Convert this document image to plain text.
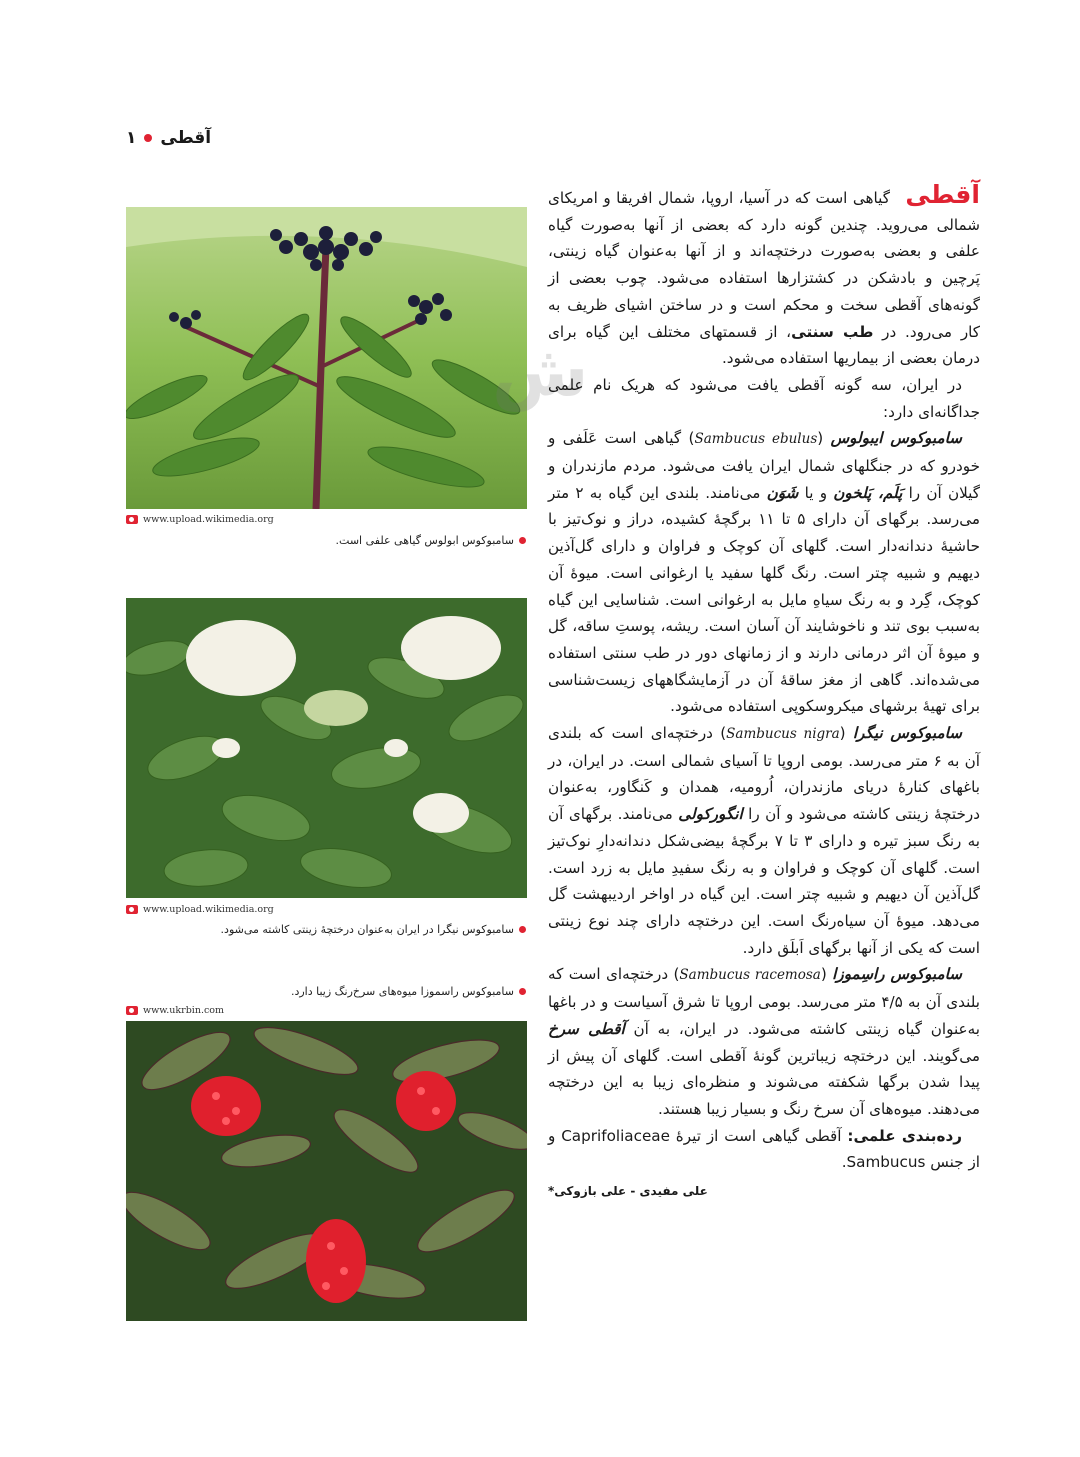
آقطی
۱
www.upload.wikimedia.org
سامبوکوس ابولوس گیاهی علفی است.
www.upload.wikimedia.org
سامبوکوس نیگرا در ایران به‌عنوان درختچهٔ زینتی کاشته می‌شود.
سامبوکوس راسموزا میوه‌های سرخ‌رنگ زیبا دارد.
www.ukrbin.com
ش

آقطی گیاهی است که در آسیا، اروپا، شمال افریقا و امریکای شمالی می‌روید. چندین گونه دارد که بعضی از آنها به‌صورت گیاه علفی و بعضی به‌صورت درختچه‌اند و از آنها به‌عنوان گیاه زینتی، پَرچین و بادشکن در کشتزارها استفاده می‌شود. چوب بعضی از گونه‌های آقطی سخت و محکم است و در ساختن اشیای ظریف به کار می‌رود. در طب سنتی، از قسمتهای مختلف این گیاه برای درمان بعضی از بیماریها استفاده می‌شود.

در ایران، سه گونه آقطی یافت می‌شود که هریک نام علمی جداگانه‌ای دارد:

سامبوکوس ایبولوس (Sambucus ebulus) گیاهی است عَلَفی و خودرو که در جنگلهای شمال ایران یافت می‌شود. مردم مازندران و گیلان آن را پَلَم، پَلخون و یا شَوَن می‌نامند. بلندی این گیاه به ۲ متر می‌رسد. برگهای آن دارای ۵ تا ۱۱ برگچهٔ کشیده، دراز و نوک‌تیز با حاشیهٔ دندانه‌دار است. گلهای آن کوچک و فراوان و دارای گل‌آذین دیهیم و شبیه چتر است. رنگ گلها سفید یا ارغوانی است. میوهٔ آن کوچک، گِرد و به رنگ سیاهِ مایل به ارغوانی است. شناسایی این گیاه به‌سبب بوی تند و ناخوشایند آن آسان است. ریشه، پوستِ ساقه، گل و میوهٔ آن اثر درمانی دارند و از زمانهای دور در طب سنتی استفاده می‌شده‌اند. گاهی از مغز ساقهٔ آن در آزمایشگاههای زیست‌شناسی برای تهیهٔ برشهای میکروسکوپی استفاده می‌شود.

سامبوکوس نیگرا (Sambucus nigra) درختچه‌ای است که بلندی آن به ۶ متر می‌رسد. بومی اروپا تا آسیای شمالی است. در ایران، در باغهای کنارهٔ دریای مازندران، اُرومیه، همدان و کَنگاور، به‌عنوان درختچهٔ زینتی کاشته می‌شود و آن را انگورکولی می‌نامند. برگهای آن به رنگ سبز تیره و دارای ۳ تا ۷ برگچهٔ بیضی‌شکل دندانه‌دارِ نوک‌تیز است. گلهای آن کوچک و فراوان و به رنگ سفیدِ مایل به زرد است. گل‌آذین آن دیهیم و شبیه چتر است. این گیاه در اواخر اردیبهشت گل می‌دهد. میوهٔ آن سیاه‌رنگ است. این درختچه دارای چند نوع زینتی است که یکی از آنها برگهای اَبلَق دارد.

سامبوکوس راسِموزا (Sambucus racemosa) درختچه‌ای است که بلندی آن به ۴/۵ متر می‌رسد. بومی اروپا تا شرق آسیاست و در باغها به‌عنوان گیاه زینتی کاشته می‌شود. در ایران، به آن آقطی سرخ می‌گویند. این درختچه زیباترین گونهٔ آقطی است. گلهای آن پیش از پیدا شدن برگها شکفته می‌شوند و منظره‌ای زیبا به این درختچه می‌دهند. میوه‌های آن سرخ رنگ و بسیار زیبا هستند.

رده‌بندی علمی: آقطی گیاهی است از تیرهٔ Caprifoliaceae و از جنس Sambucus.

علی مفیدی - علی بازوکی*
